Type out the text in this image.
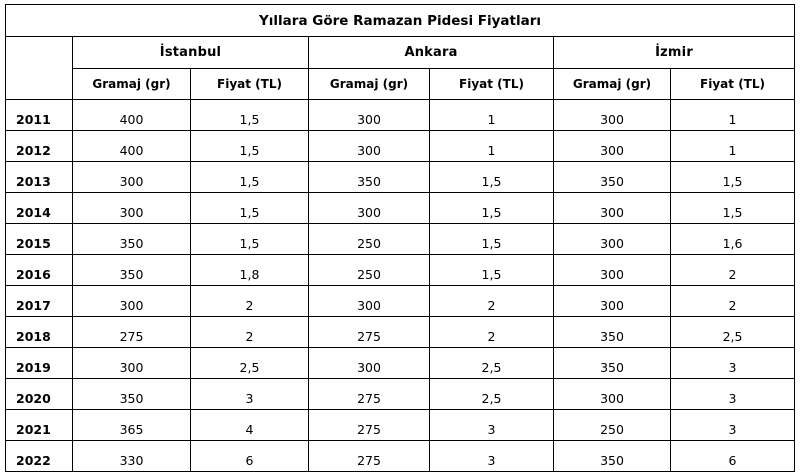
Yıllara Göre Ramazan Pidesi Fiyatları						
	İstanbul		Ankara		İzmir	
	Gramaj (gr)	Fiyat (TL)	Gramaj (gr)	Fiyat (TL)	Gramaj (gr)	Fiyat (TL)
2011	400	1,5	300	1	300	1
2012	400	1,5	300	1	300	1
2013	300	1,5	350	1,5	350	1,5
2014	300	1,5	300	1,5	300	1,5
2015	350	1,5	250	1,5	300	1,6
2016	350	1,8	250	1,5	300	2
2017	300	2	300	2	300	2
2018	275	2	275	2	350	2,5
2019	300	2,5	300	2,5	350	3
2020	350	3	275	2,5	300	3
2021	365	4	275	3	250	3
2022	330	6	275	3	350	6
